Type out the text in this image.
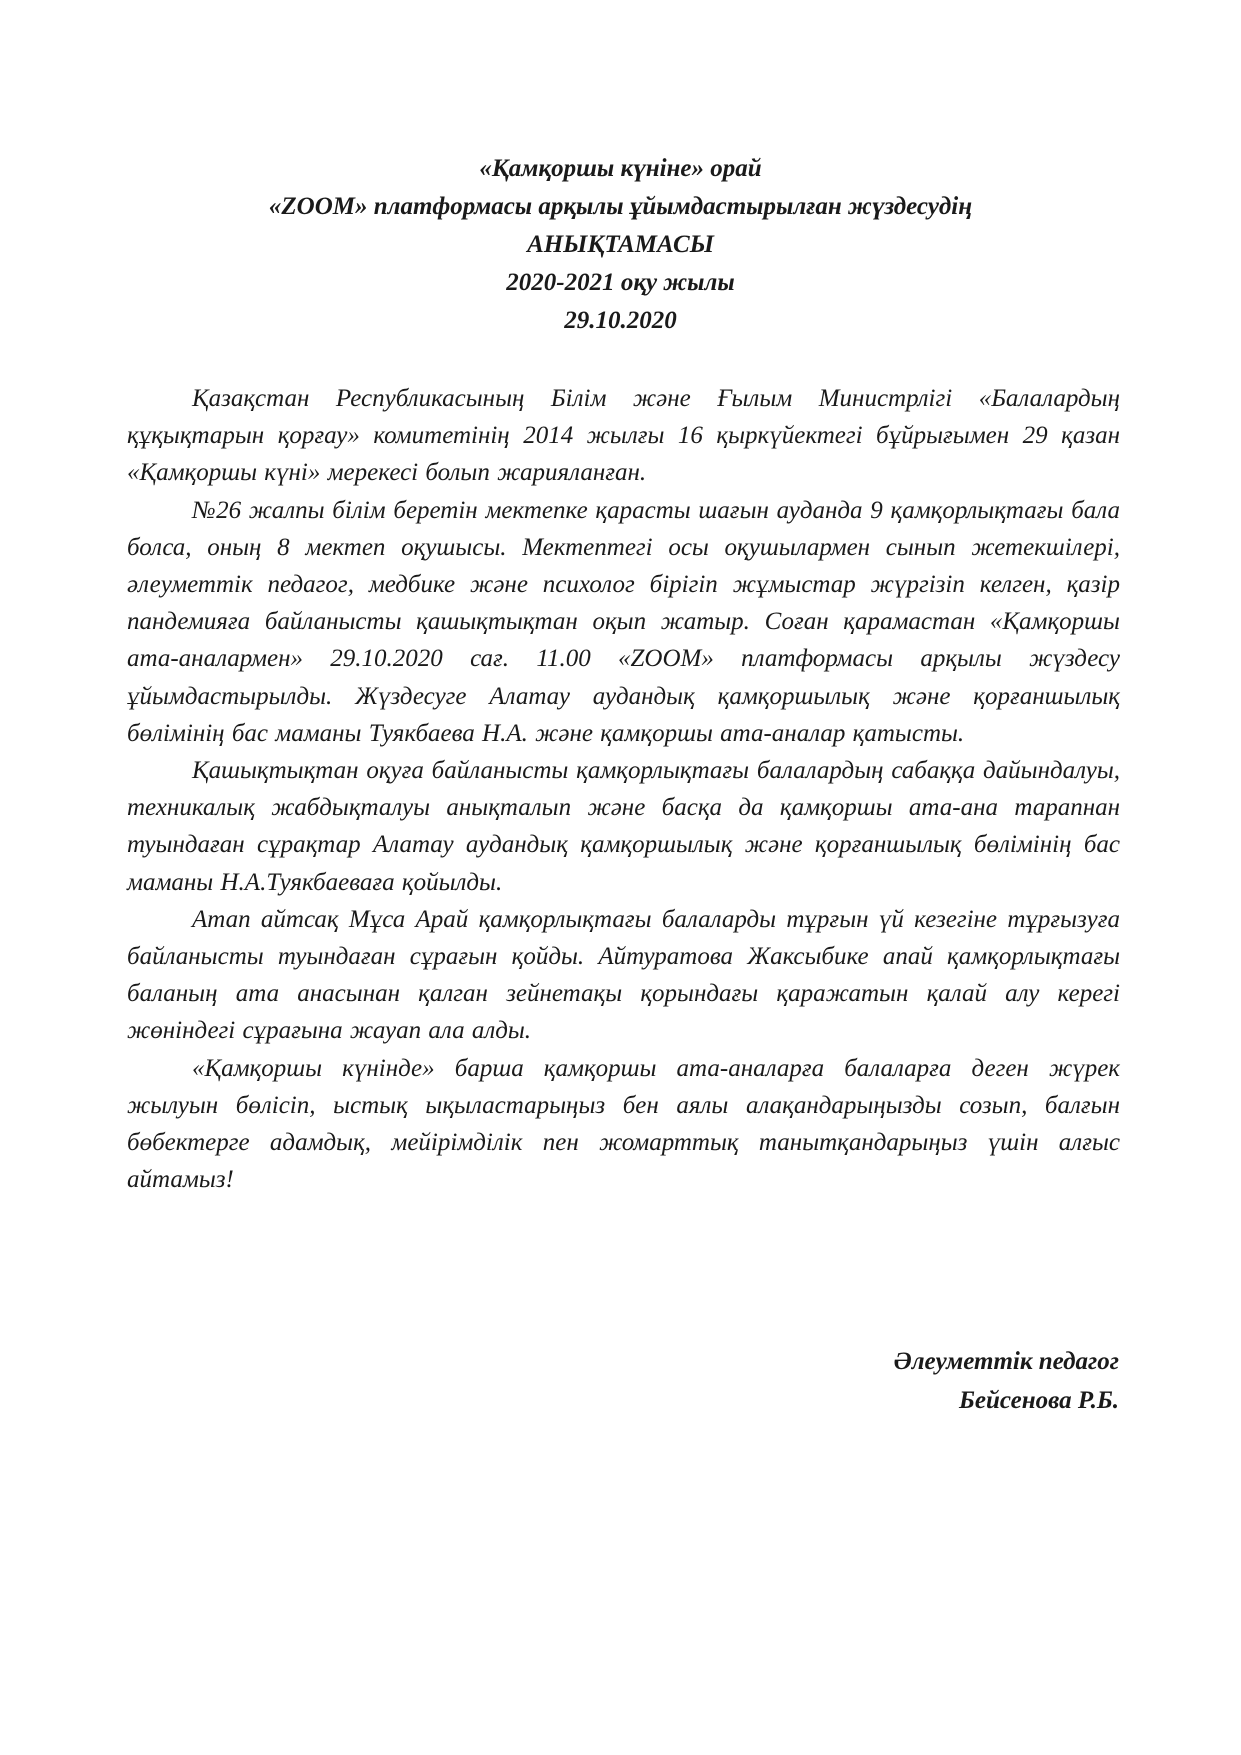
«Қамқоршы күніне» орай
«ZOOM» платформасы арқылы ұйымдастырылған жүздесудің
АНЫҚТАМАСЫ
2020-2021 оқу жылы
29.10.2020

Қазақстан Республикасының Білім және Ғылым Министрлігі «Балалардың құқықтарын қорғау» комитетінің 2014 жылғы 16 қыркүйектегі бұйрығымен 29 қазан «Қамқоршы күні» мерекесі болып жарияланған.

№26 жалпы білім беретін мектепке қарасты шағын ауданда 9 қамқорлықтағы бала болса, оның 8 мектеп оқушысы. Мектептегі осы оқушылармен сынып жетекшілері, әлеуметтік педагог, медбике және психолог бірігіп жұмыстар жүргізіп келген, қазір пандемияға байланысты қашықтықтан оқып жатыр. Соған қарамастан «Қамқоршы ата-аналармен» 29.10.2020 сағ. 11.00 «ZOOM» платформасы арқылы жүздесу ұйымдастырылды. Жүздесуге Алатау аудандық қамқоршылық және қорғаншылық бөлімінің бас маманы Туякбаева Н.А. және қамқоршы ата-аналар қатысты.

Қашықтықтан оқуға байланысты қамқорлықтағы балалардың сабаққа дайындалуы, техникалық жабдықталуы анықталып және басқа да қамқоршы ата-ана тарапнан туындаған сұрақтар Алатау аудандық қамқоршылық және қорғаншылық бөлімінің бас маманы Н.А.Туякбаеваға қойылды.

Атап айтсақ Мұса Арай қамқорлықтағы балаларды тұрғын үй кезегіне тұрғызуға байланысты туындаған сұрағын қойды. Айтуратова Жаксыбике апай қамқорлықтағы баланың ата анасынан қалган зейнетақы қорындағы қаражатын қалай алу керегі жөніндегі сұрағына жауап ала алды.

«Қамқоршы күнінде» барша қамқоршы ата-аналарға балаларға деген жүрек жылуын бөлісіп, ыстық ықыластарыңыз бен аялы алақандарыңызды созып, балғын бөбектерге адамдық, мейірімділік пен жомарттық танытқандарыңыз үшін алғыс айтамыз!

Әлеуметтік педагог
Бейсенова Р.Б.
